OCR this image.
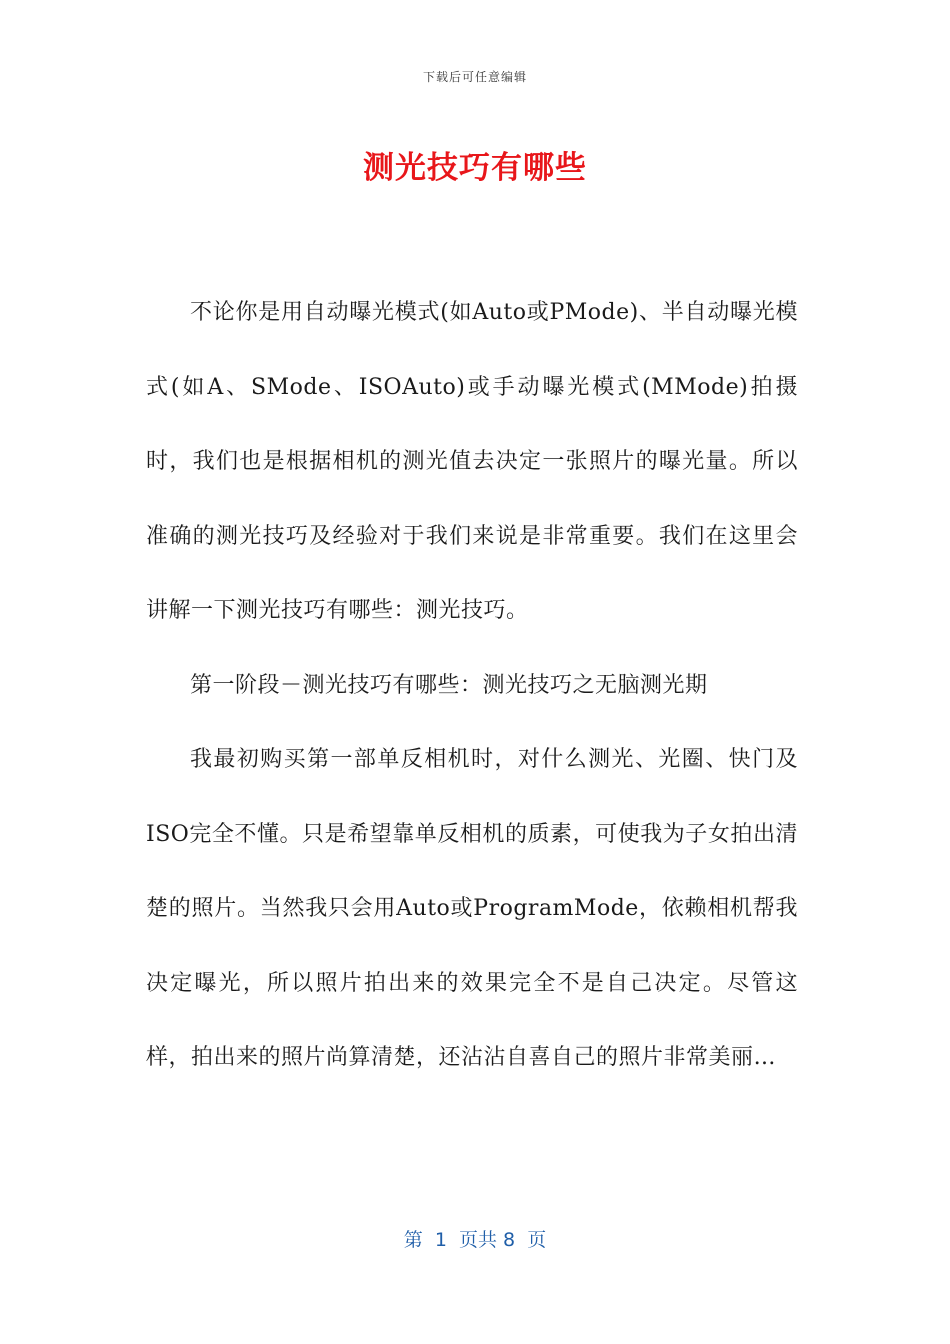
下载后可任意编辑
测光技巧有哪些

不论你是用自动曝光模式(如Auto或PMode)、半自动曝光模式(如A、SMode、ISOAuto)或手动曝光模式(MMode)拍摄时，我们也是根据相机的测光值去决定一张照片的曝光量。所以准确的测光技巧及经验对于我们来说是非常重要。我们在这里会讲解一下测光技巧有哪些：测光技巧。

第一阶段－测光技巧有哪些：测光技巧之无脑测光期

我最初购买第一部单反相机时，对什么测光、光圈、快门及ISO完全不懂。只是希望靠单反相机的质素，可使我为子女拍出清楚的照片。当然我只会用Auto或ProgramMode，依赖相机帮我决定曝光，所以照片拍出来的效果完全不是自己决定。尽管这样，拍出来的照片尚算清楚，还沾沾自喜自己的照片非常美丽…

第  1  页共 8  页
